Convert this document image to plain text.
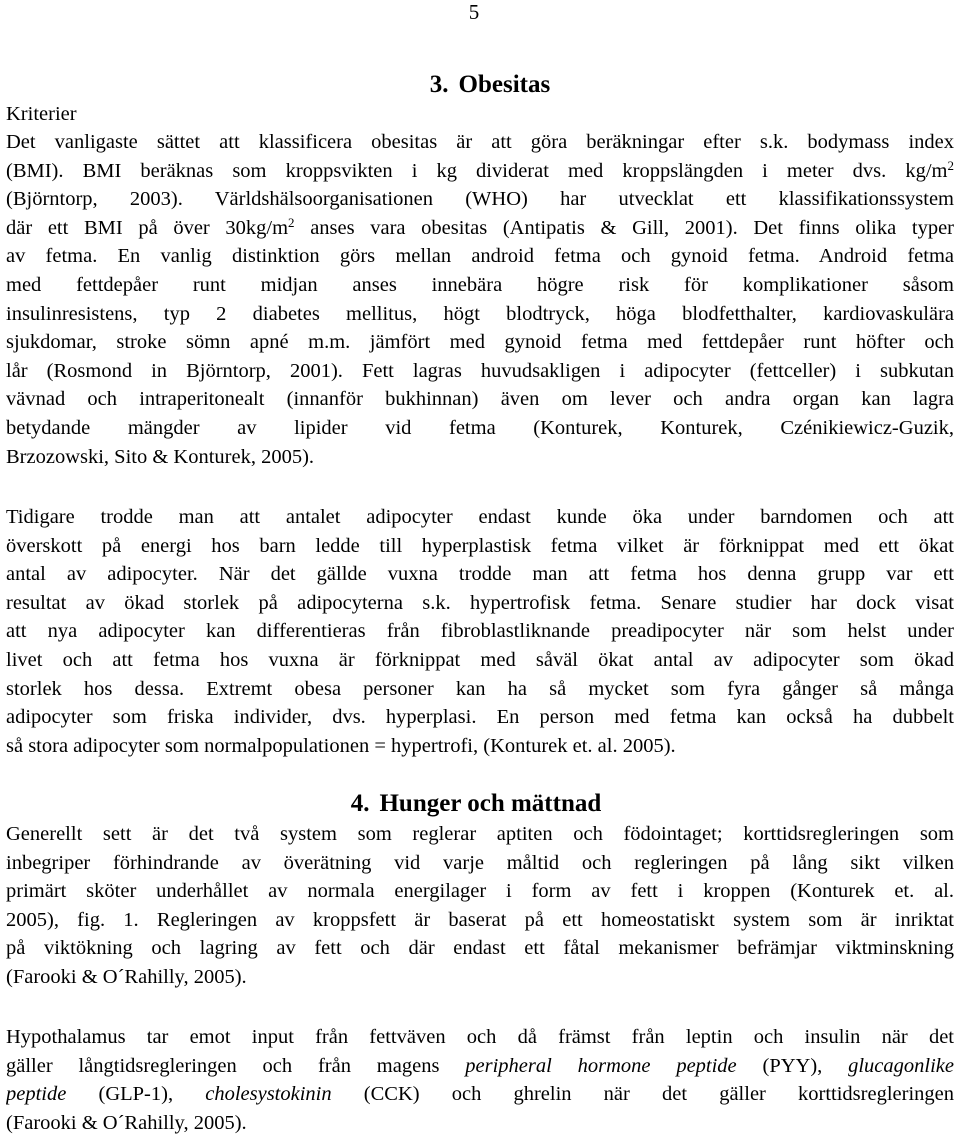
5
3. Obesitas
Kriterier
Det vanligaste sättet att klassificera obesitas är att göra beräkningar efter s.k. bodymass index
(BMI). BMI beräknas som kroppsvikten i kg dividerat med kroppslängden i meter dvs. $kg/m^2$
(Björntorp, 2003). Världshälsoorganisationen (WHO) har utvecklat ett klassifikationssystem
där ett BMI på över $30kg/m^2$ anses vara obesitas (Antipatis & Gill, 2001). Det finns olika typer
av fetma. En vanlig distinktion görs mellan android fetma och gynoid fetma. Android fetma
med fettdepåer runt midjan anses innebära högre risk för komplikationer såsom
insulinresistens, typ 2 diabetes mellitus, högt blodtryck, höga blodfetthalter, kardiovaskulära
sjukdomar, stroke sömn apné m.m. jämfört med gynoid fetma med fettdepåer runt höfter och
lår (Rosmond in Björntorp, 2001). Fett lagras huvudsakligen i adipocyter (fettceller) i subkutan
vävnad och intraperitonealt (innanför bukhinnan) även om lever och andra organ kan lagra
betydande mängder av lipider vid fetma (Konturek, Konturek, Czénikiewicz-Guzik,
Brzozowski, Sito & Konturek, 2005).
Tidigare trodde man att antalet adipocyter endast kunde öka under barndomen och att
överskott på energi hos barn ledde till hyperplastisk fetma vilket är förknippat med ett ökat
antal av adipocyter. När det gällde vuxna trodde man att fetma hos denna grupp var ett
resultat av ökad storlek på adipocyterna s.k. hypertrofisk fetma. Senare studier har dock visat
att nya adipocyter kan differentieras från fibroblastliknande preadipocyter när som helst under
livet och att fetma hos vuxna är förknippat med såväl ökat antal av adipocyter som ökad
storlek hos dessa. Extremt obesa personer kan ha så mycket som fyra gånger så många
adipocyter som friska individer, dvs. hyperplasi. En person med fetma kan också ha dubbelt
så stora adipocyter som normalpopulationen = hypertrofi, (Konturek et. al. 2005).
4. Hunger och mättnad
Generellt sett är det två system som reglerar aptiten och födointaget; korttidsregleringen som
inbegriper förhindrande av överätning vid varje måltid och regleringen på lång sikt vilken
primärt sköter underhållet av normala energilager i form av fett i kroppen (Konturek et. al.
2005), fig. 1. Regleringen av kroppsfett är baserat på ett homeostatiskt system som är inriktat
på viktökning och lagring av fett och där endast ett fåtal mekanismer befrämjar viktminskning
(Farooki & O´Rahilly, 2005).
Hypothalamus tar emot input från fettväven och då främst från leptin och insulin när det
gäller långtidsregleringen och från magens peripheral hormone peptide (PYY), glucagonlike
peptide (GLP-1), cholesystokinin (CCK) och ghrelin när det gäller korttidsregleringen
(Farooki & O´Rahilly, 2005).
